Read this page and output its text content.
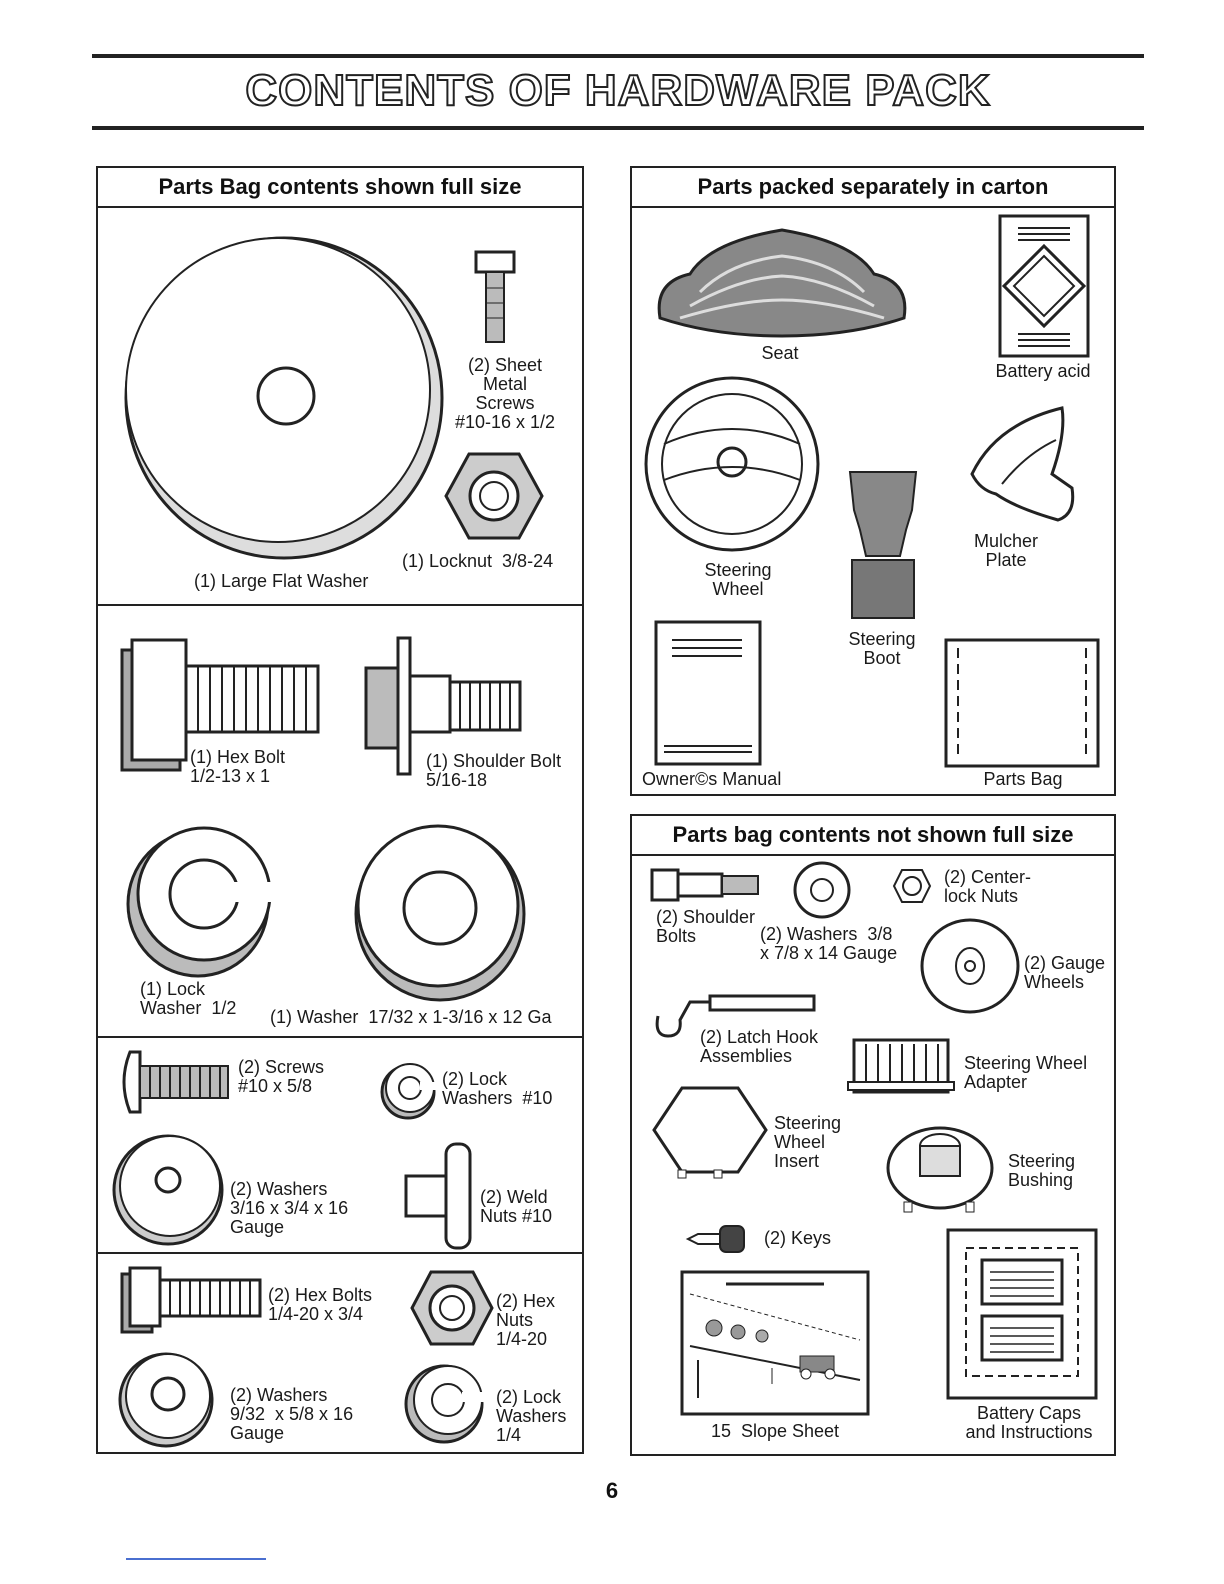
CONTENTS OF HARDWARE PACK
Parts Bag contents shown full size
(2) Sheet
Metal
Screws
#10-16 x 1/2
(1) Locknut  3/8-24
(1) Large Flat Washer
(1) Hex Bolt
1/2-13 x 1
(1) Shoulder Bolt
5/16-18
(1) Lock
Washer  1/2 (1) Washer  17/32 x 1-3/16 x 12 Ga
(2) Screws
#10 x 5/8	(2) Lock
Washers  #10
(2) Washers
3/16 x 3/4 x 16
Gauge
(2) Weld
Nuts #10
(2) Hex Bolts
1/4-20 x 3/4
(2) Hex
Nuts
1/4-20
(2) Washers
9/32  x 5/8 x 16
Gauge
(2) Lock
Washers
1/4
Parts packed separately in carton
Seat
Battery acid
Steering
Wheel
Steering
Boot
Mulcher
Plate
Owner©s Manual	Parts Bag
Parts bag contents not shown full size
(2) Shoulder
Bolts	(2) Washers  3/8
x 7/8 x 14 Gauge
(2) Center-
lock Nuts
(2) Gauge
Wheels
(2) Latch Hook
Assemblies	Steering Wheel
Adapter
Steering
Wheel
Insert	Steering
Bushing
(2) Keys
15  Slope Sheet
Battery Caps
and Instructions
6
